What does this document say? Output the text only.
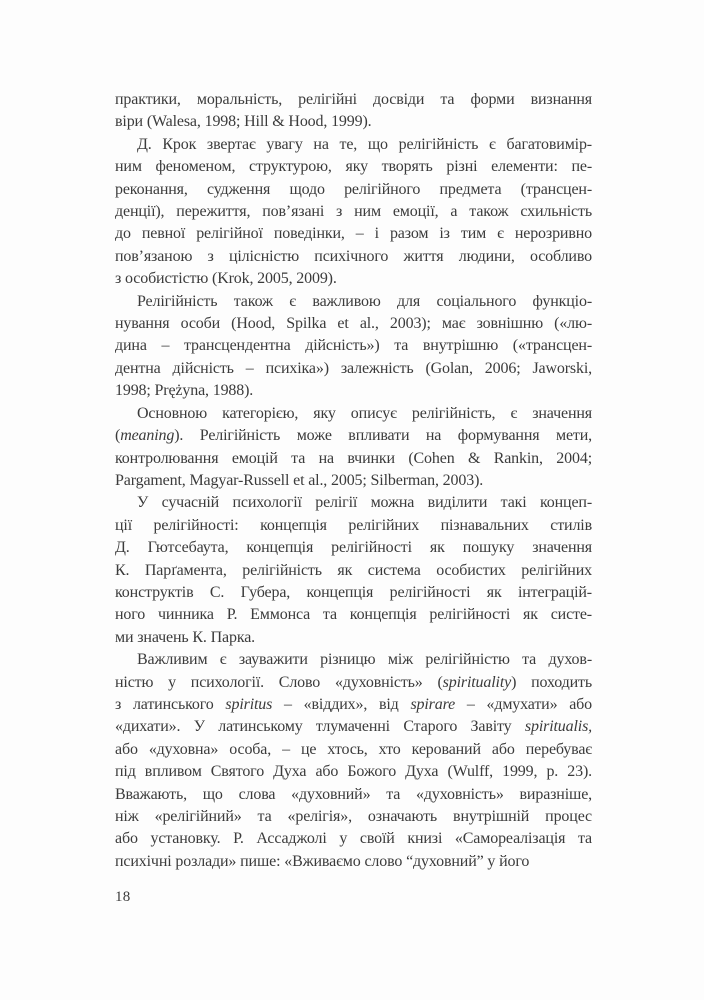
практики, моральність, релігійні досвіди та форми визнання
віри (Walesa, 1998; Hill & Hood, 1999).
Д. Крок звертає увагу на те, що релігійність є багатовимір-
ним феноменом, структурою, яку творять різні елементи: пе-
реконання, судження щодо релігійного предмета (трансцен-
денції), пережиття, пов’язані з ним емоції, а також схильність
до певної релігійної поведінки, – і разом із тим є нерозривно
пов’язаною з цілісністю психічного життя людини, особливо
з особистістю (Krok, 2005, 2009).
Релігійність також є важливою для соціального функціо-
нування особи (Hood, Spilka et al., 2003); має зовнішню («лю-
дина – трансцендентна дійсність») та внутрішню («трансцен-
дентна дійсність – психіка») залежність (Golan, 2006; Jaworski,
1998; Prężyna, 1988).
Основною категорією, яку описує релігійність, є значення
(meaning). Релігійність може впливати на формування мети,
контролювання емоцій та на вчинки (Cohen & Rankin, 2004;
Pargament, Magyar-Russell et al., 2005; Silberman, 2003).
У сучасній психології релігії можна виділити такі концеп-
ції релігійності: концепція релігійних пізнавальних стилів
Д. Гютсебаута, концепція релігійності як пошуку значення
К. Парґамента, релігійність як система особистих релігійних
конструктів С. Губера, концепція релігійності як інтеграцій-
ного чинника Р. Еммонса та концепція релігійності як систе-
ми значень К. Парка.
Важливим є зауважити різницю між релігійністю та духов-
ністю у психології. Слово «духовність» (spirituality) походить
з латинського spiritus – «віддих», від spirare – «дмухати» або
«дихати». У латинському тлумаченні Старого Завіту spiritualis,
або «духовна» особа, – це хтось, хто керований або перебуває
під впливом Святого Духа або Божого Духа (Wulff, 1999, p. 23).
Вважають, що слова «духовний» та «духовність» виразніше,
ніж «релігійний» та «релігія», означають внутрішній процес
або установку. Р. Ассаджолі у своїй книзі «Самореалізація та
психічні розлади» пише: «Вживаємо слово “духовний” у його
18
